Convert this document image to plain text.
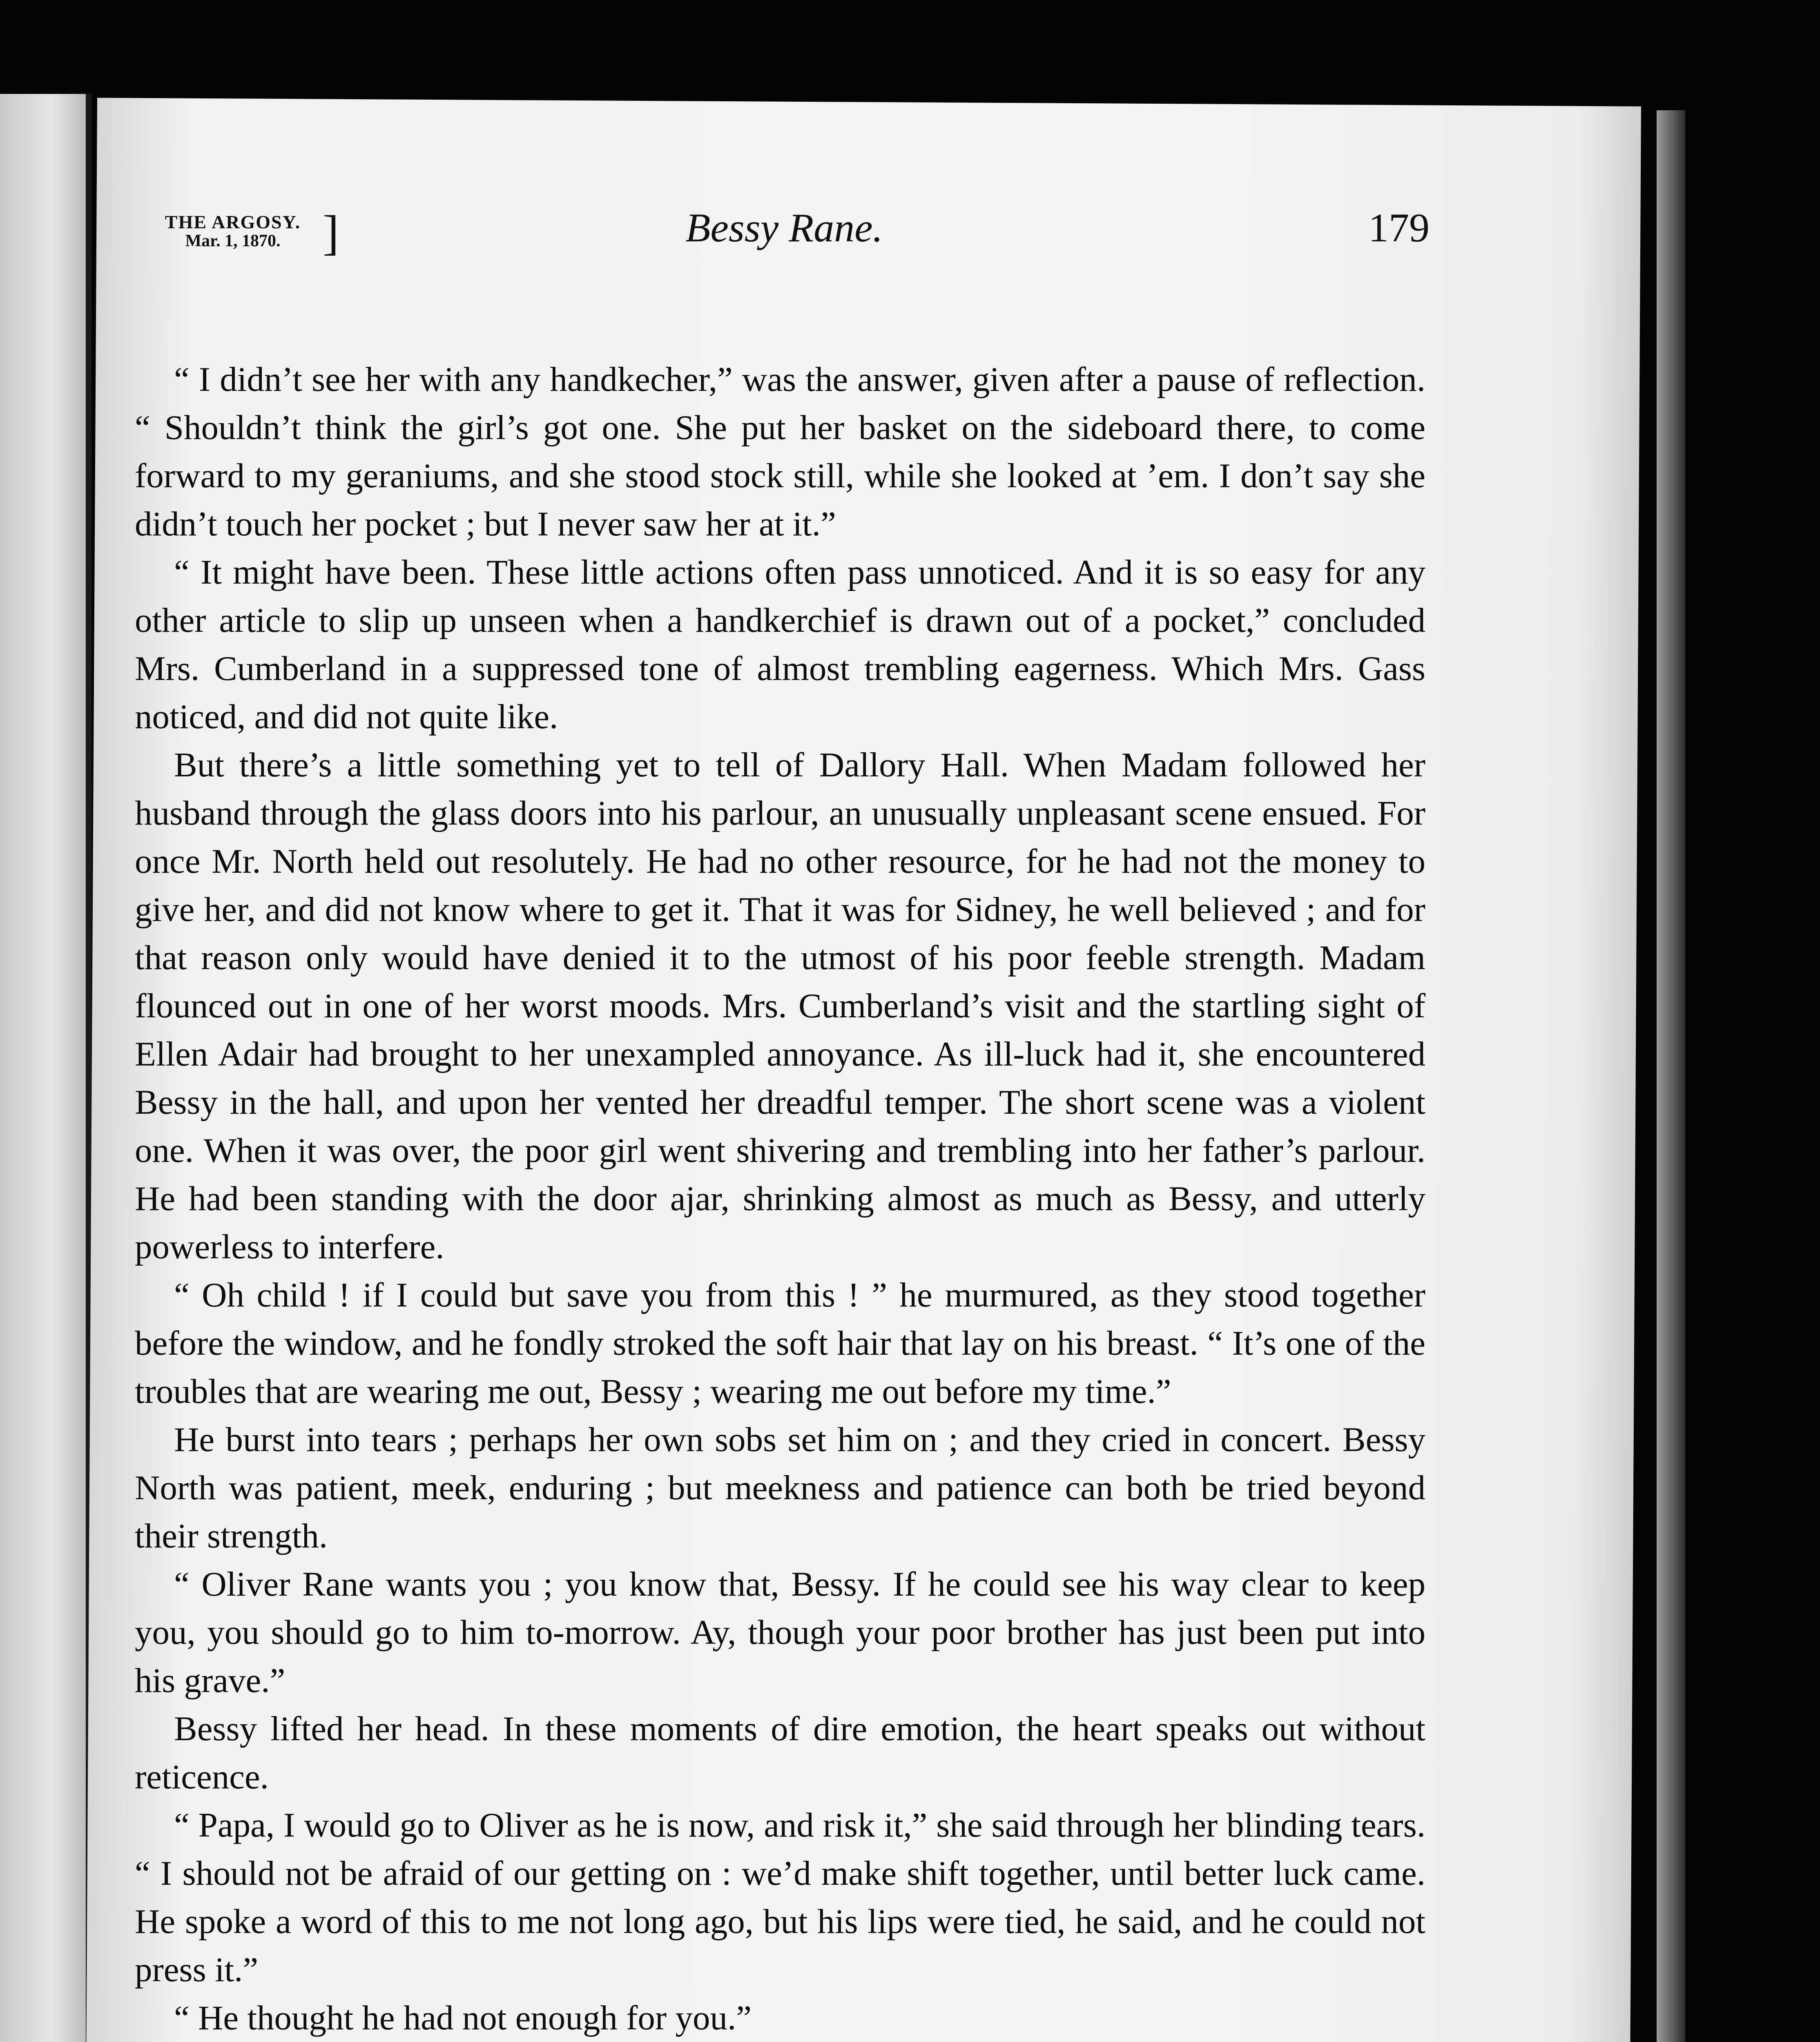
THE ARGOSY.
Mar. 1, 1870. ]	Bessy Rane.	179

“ I didn’t see her with any handkecher,” was the answer, given after a pause of reflection. “ Shouldn’t think the girl’s got one. She put her basket on the sideboard there, to come forward to my geraniums, and she stood stock still, while she looked at ’em. I don’t say she didn’t touch her pocket ; but I never saw her at it.”

“ It might have been. These little actions often pass unnoticed. And it is so easy for any other article to slip up unseen when a handkerchief is drawn out of a pocket,” concluded Mrs. Cumberland in a suppressed tone of almost trembling eagerness. Which Mrs. Gass noticed, and did not quite like.

But there’s a little something yet to tell of Dallory Hall. When Madam followed her husband through the glass doors into his parlour, an unusually unpleasant scene ensued. For once Mr. North held out resolutely. He had no other resource, for he had not the money to give her, and did not know where to get it. That it was for Sidney, he well believed ; and for that reason only would have denied it to the utmost of his poor feeble strength. Madam flounced out in one of her worst moods. Mrs. Cumberland’s visit and the startling sight of Ellen Adair had brought to her unexampled annoyance. As ill-luck had it, she encountered Bessy in the hall, and upon her vented her dreadful temper. The short scene was a violent one. When it was over, the poor girl went shivering and trembling into her father’s parlour. He had been standing with the door ajar, shrinking almost as much as Bessy, and utterly powerless to interfere.

“ Oh child ! if I could but save you from this ! ” he murmured, as they stood together before the window, and he fondly stroked the soft hair that lay on his breast. “ It’s one of the troubles that are wearing me out, Bessy ; wearing me out before my time.”

He burst into tears ; perhaps her own sobs set him on ; and they cried in concert. Bessy North was patient, meek, enduring ; but meekness and patience can both be tried beyond their strength.

“ Oliver Rane wants you ; you know that, Bessy. If he could see his way clear to keep you, you should go to him to-morrow. Ay, though your poor brother has just been put into his grave.”

Bessy lifted her head. In these moments of dire emotion, the heart speaks out without reticence.

“ Papa, I would go to Oliver as he is now, and risk it,” she said through her blinding tears. “ I should not be afraid of our getting on : we’d make shift together, until better luck came. He spoke a word of this to me not long ago, but his lips were tied, he said, and he could not press it.”

“ He thought he had not enough for you.”
